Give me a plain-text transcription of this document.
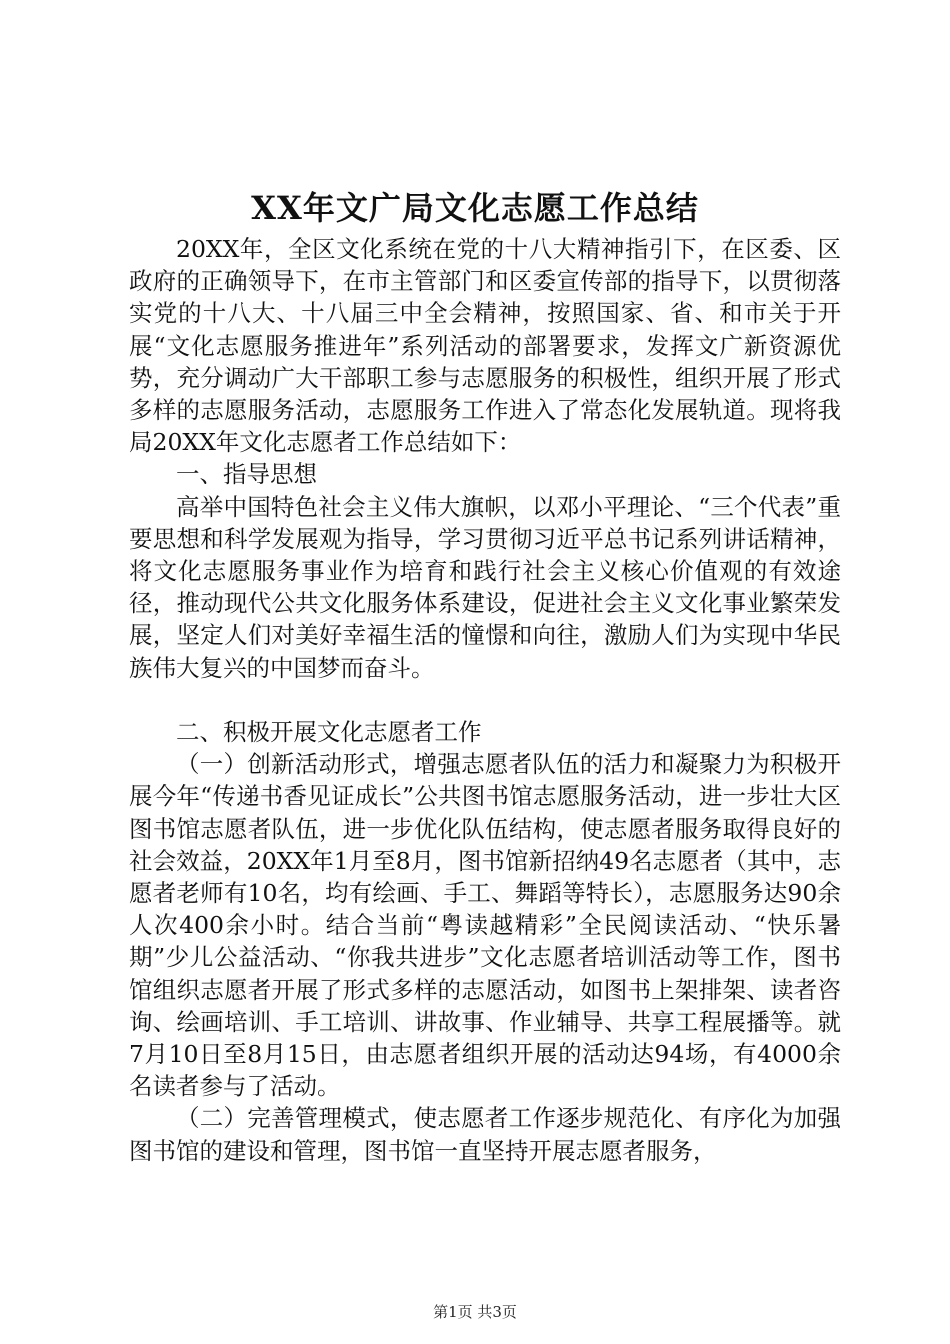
XX年文广局文化志愿工作总结

20XX年，全区文化系统在党的十八大精神指引下，在区委、区政府的正确领导下，在市主管部门和区委宣传部的指导下，以贯彻落实党的十八大、十八届三中全会精神，按照国家、省、和市关于开展“文化志愿服务推进年”系列活动的部署要求，发挥文广新资源优势，充分调动广大干部职工参与志愿服务的积极性，组织开展了形式多样的志愿服务活动，志愿服务工作进入了常态化发展轨道。现将我局20XX年文化志愿者工作总结如下：

一、指导思想

高举中国特色社会主义伟大旗帜，以邓小平理论、“三个代表”重要思想和科学发展观为指导，学习贯彻习近平总书记系列讲话精神，将文化志愿服务事业作为培育和践行社会主义核心价值观的有效途径，推动现代公共文化服务体系建设，促进社会主义文化事业繁荣发展，坚定人们对美好幸福生活的憧憬和向往，激励人们为实现中华民族伟大复兴的中国梦而奋斗。

二、积极开展文化志愿者工作

（一）创新活动形式，增强志愿者队伍的活力和凝聚力为积极开展今年“传递书香见证成长”公共图书馆志愿服务活动，进一步壮大区图书馆志愿者队伍，进一步优化队伍结构，使志愿者服务取得良好的社会效益，20XX年1月至8月，图书馆新招纳49名志愿者（其中，志愿者老师有10名，均有绘画、手工、舞蹈等特长），志愿服务达90余人次400余小时。结合当前“粤读越精彩”全民阅读活动、“快乐暑期”少儿公益活动、“你我共进步”文化志愿者培训活动等工作，图书馆组织志愿者开展了形式多样的志愿活动，如图书上架排架、读者咨询、绘画培训、手工培训、讲故事、作业辅导、共享工程展播等。就7月10日至8月15日，由志愿者组织开展的活动达94场，有4000余名读者参与了活动。

（二）完善管理模式，使志愿者工作逐步规范化、有序化为加强图书馆的建设和管理，图书馆一直坚持开展志愿者服务，

第1页 共3页
